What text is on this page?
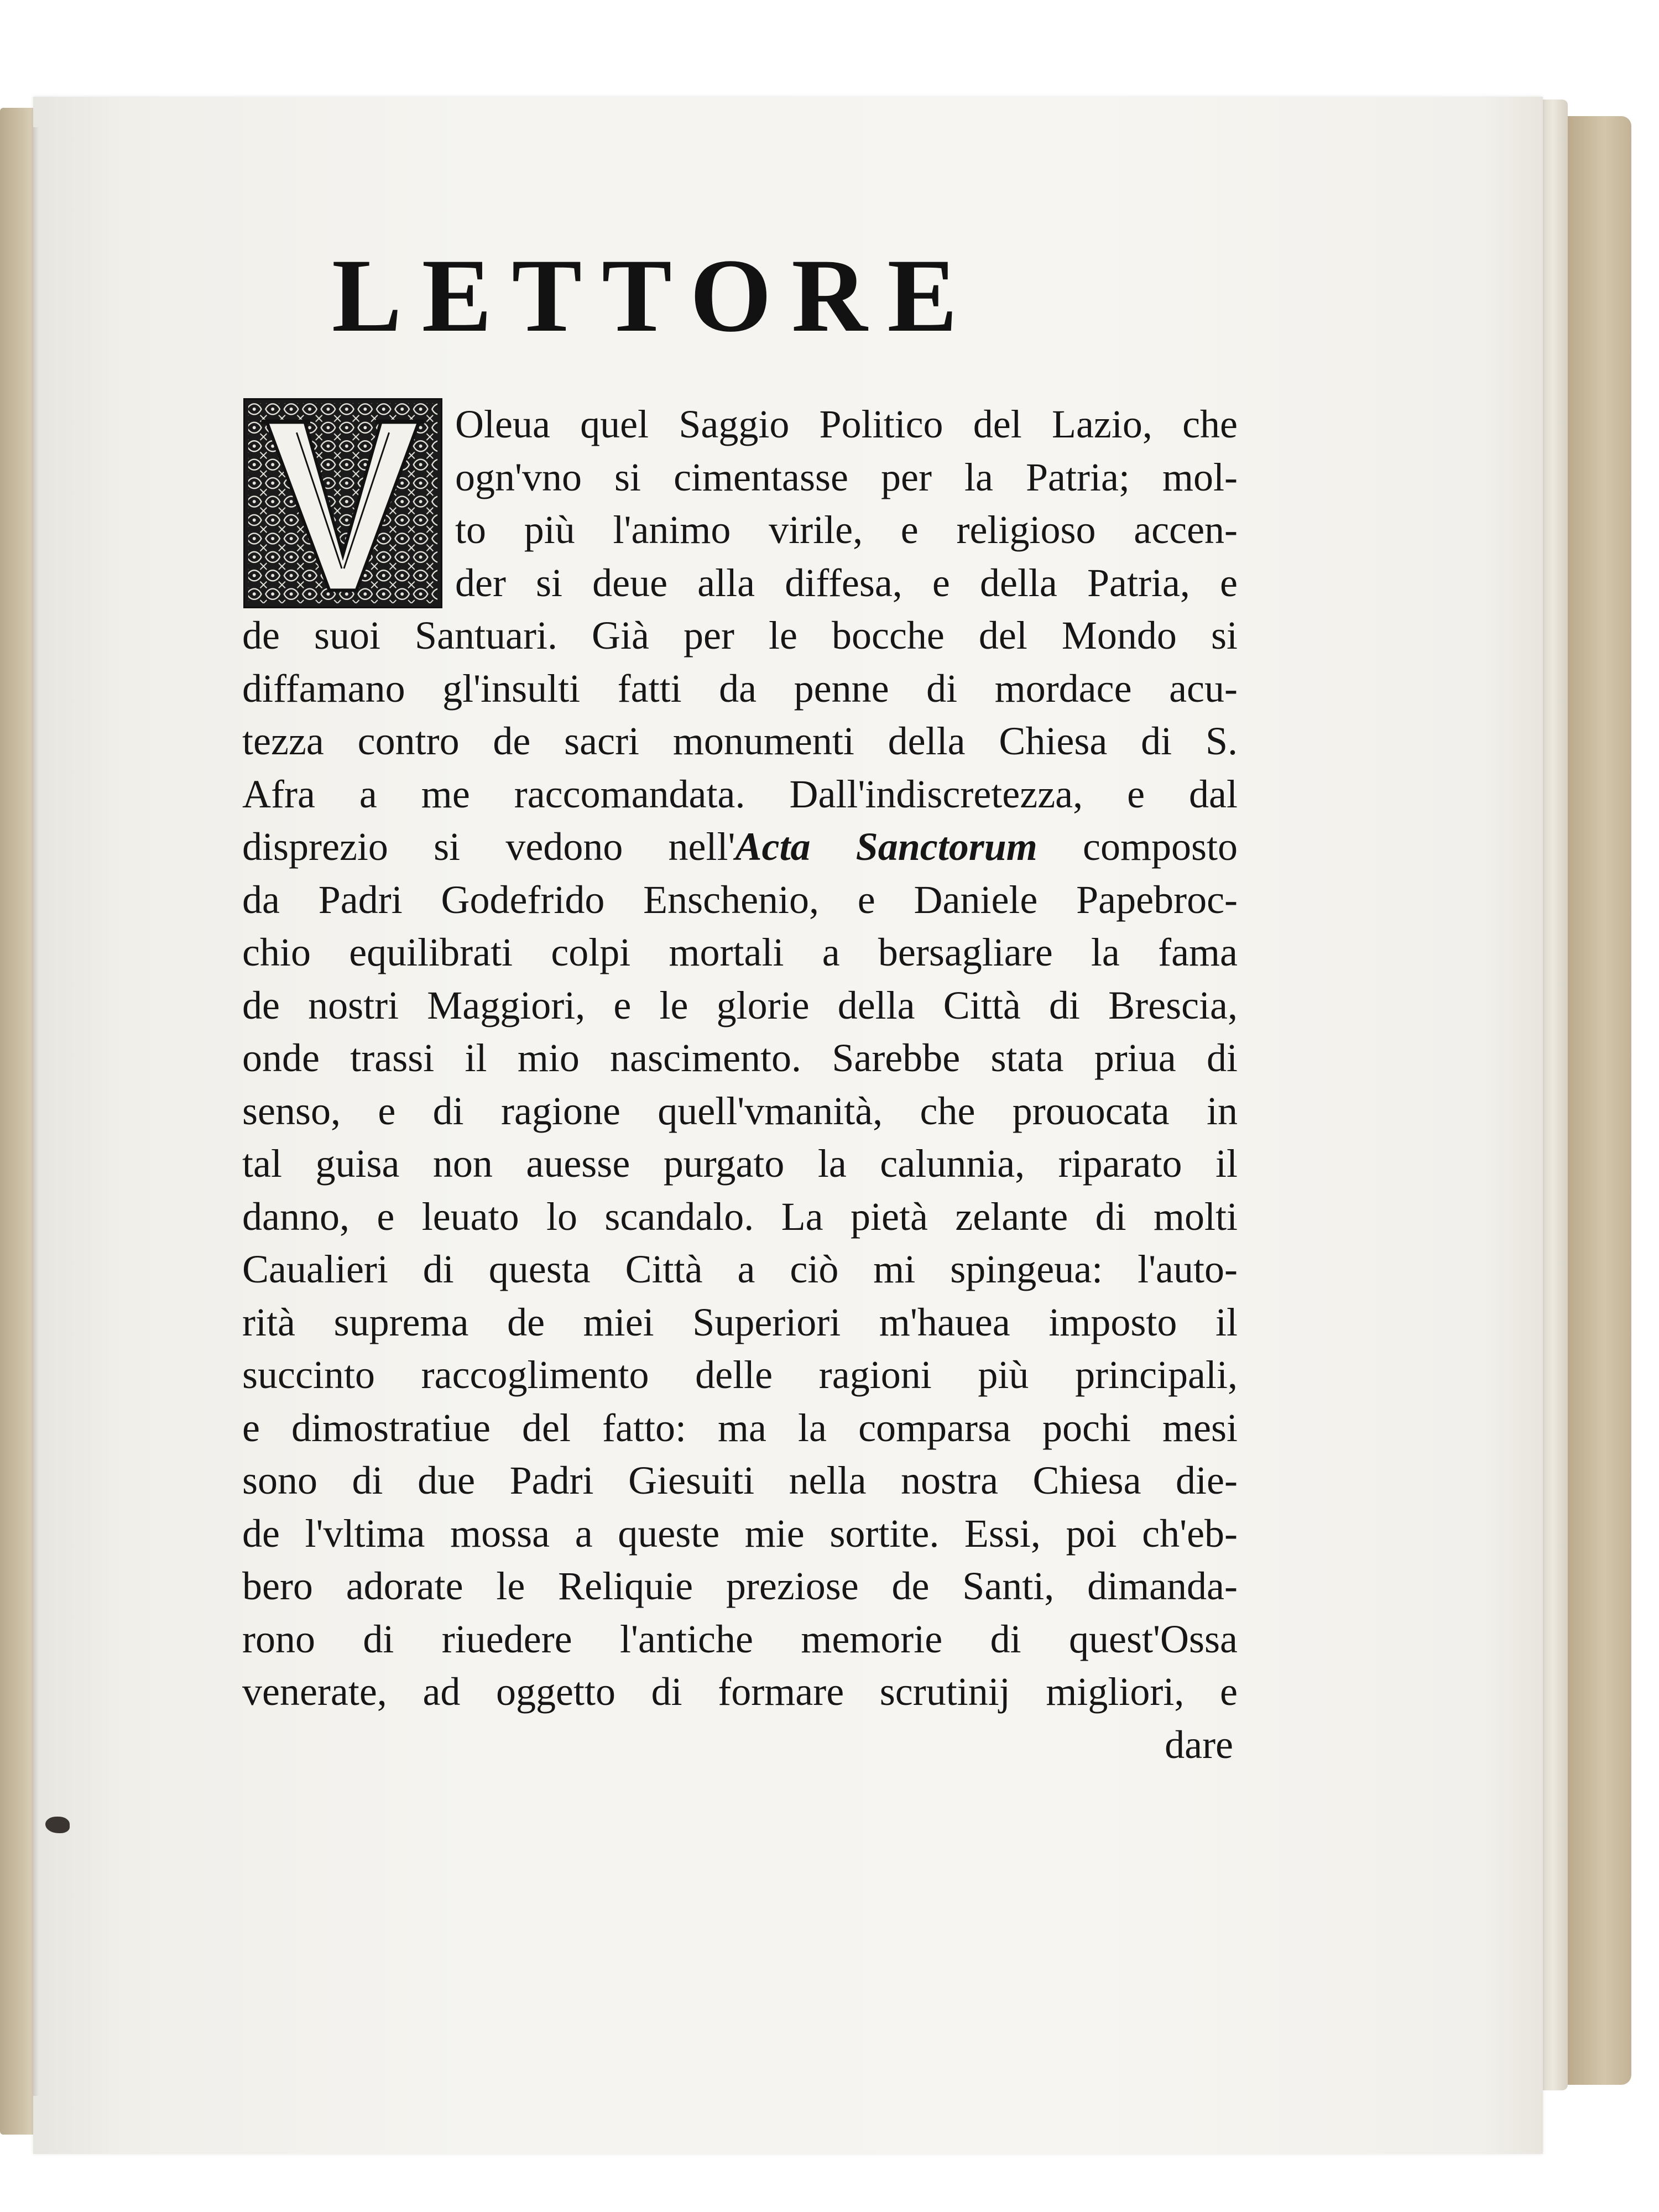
LETTORE
Oleua quel Saggio Politico del Lazio, che
ogn'vno si cimentasse per la Patria; mol-
to più l'animo virile, e religioso accen-
der si deue alla diffesa, e della Patria, e
de suoi Santuari. Già per le bocche del Mondo si
diffamano gl'insulti fatti da penne di mordace acu-
tezza contro de sacri monumenti della Chiesa di S.
Afra a me raccomandata. Dall'indiscretezza, e dal
disprezio si vedono nell'Acta Sanctorum composto
da Padri Godefrido Enschenio, e Daniele Papebroc-
chio equilibrati colpi mortali a bersagliare la fama
de nostri Maggiori, e le glorie della Città di Brescia,
onde trassi il mio nascimento. Sarebbe stata priua di
senso, e di ragione quell'vmanità, che prouocata in
tal guisa non auesse purgato la calunnia, riparato il
danno, e leuato lo scandalo. La pietà zelante di molti
Caualieri di questa Città a ciò mi spingeua: l'auto-
rità suprema de miei Superiori m'haueа imposto il
succinto raccoglimento delle ragioni più principali,
e dimostratiue del fatto: ma la comparsa pochi mesi
sono di due Padri Giesuiti nella nostra Chiesa die-
de l'vltima mossa a queste mie sortite. Essi, poi ch'eb-
bero adorate le Reliquie preziose de Santi, dimanda-
rono di riuedere l'antiche memorie di quest'Ossa
venerate, ad oggetto di formare scrutinij migliori, e
dare
